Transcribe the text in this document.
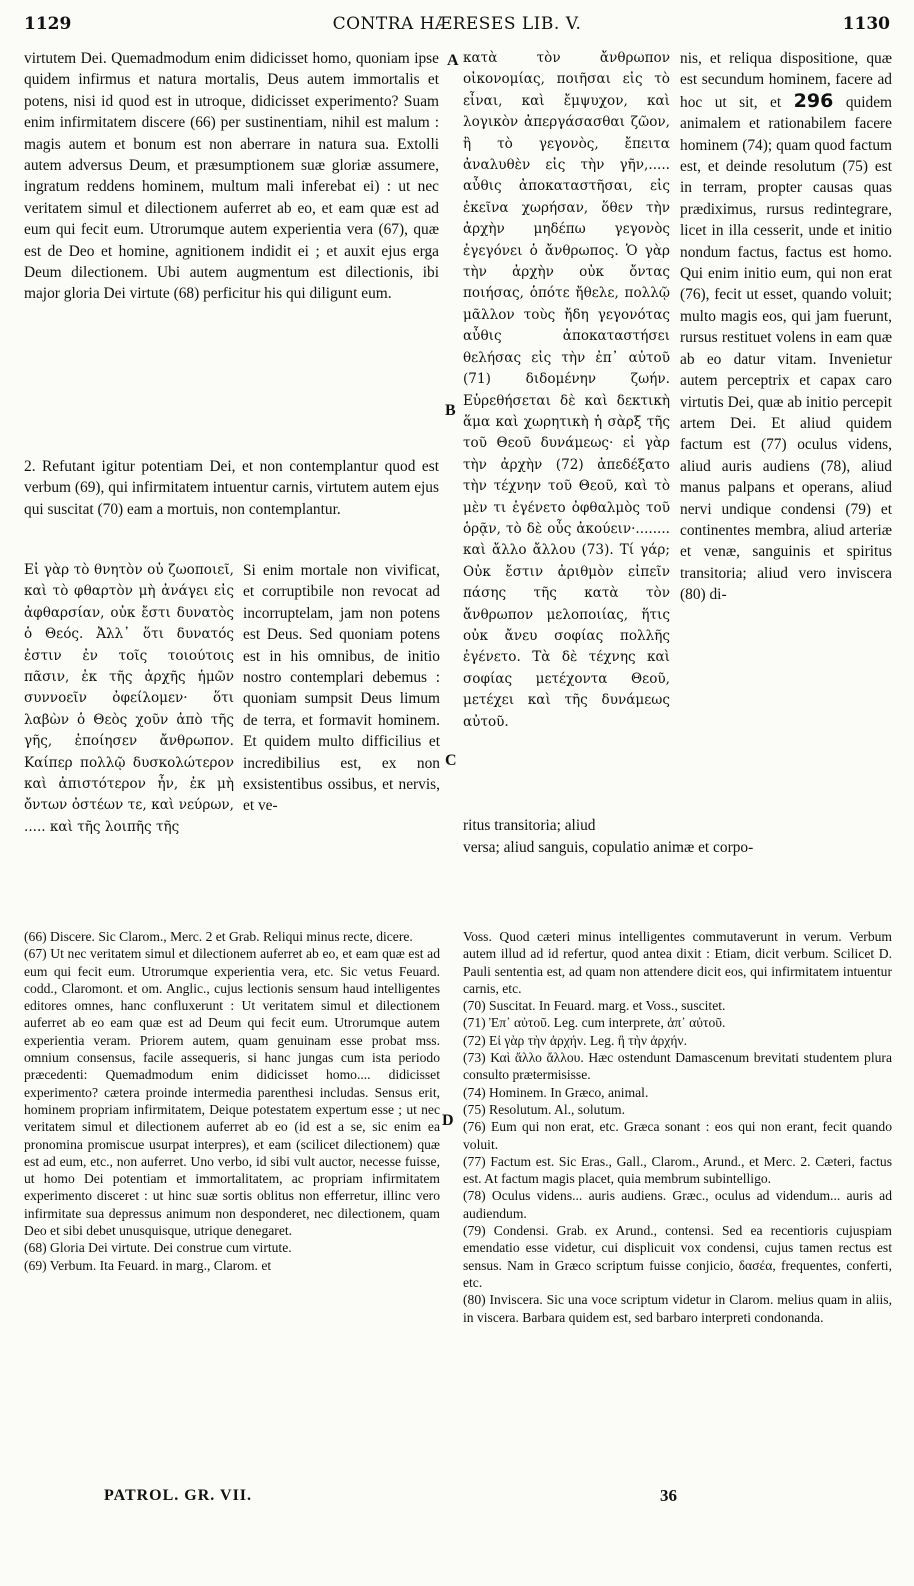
1129	CONTRA HÆRESES LIB. V.	1130

virtutem Dei. Quemadmodum enim didicisset homo, quoniam ipse quidem infirmus et natura mortalis, Deus autem immortalis et potens, nisi id quod est in utroque, didicisset experimento? Suam enim infirmitatem discere (66) per sustinentiam, nihil est malum : magis autem et bonum est non aberrare in natura sua. Extolli autem adversus Deum, et præsumptionem suæ gloriæ assumere, ingratum reddens hominem, multum mali inferebat ei) : ut nec veritatem simul et dilectionem auferret ab eo, et eam quæ est ad eum qui fecit eum. Utrorumque autem experientia vera (67), quæ est de Deo et homine, agnitionem indidit ei ; et auxit ejus erga Deum dilectionem. Ubi autem augmentum est dilectionis, ibi major gloria Dei virtute (68) perficitur his qui diligunt eum.

2. Refutant igitur potentiam Dei, et non contemplantur quod est verbum (69), qui infirmitatem intuentur carnis, virtutem autem ejus qui suscitat (70) eam a mortuis, non contemplantur.

Εἰ γὰρ τὸ θνητὸν οὐ ζωοποιεῖ, καὶ τὸ φθαρτὸν μὴ ἀνάγει εἰς ἀφθαρσίαν, οὐκ ἔστι δυνατὸς ὁ Θεός. Ἀλλ᾽ ὅτι δυνατός ἐστιν ἐν τοῖς τοιούτοις πᾶσιν, ἐκ τῆς ἀρχῆς ἡμῶν συννοεῖν ὀφείλομεν· ὅτι λαβὼν ὁ Θεὸς χοῦν ἀπὸ τῆς γῆς, ἐποίησεν ἄνθρωπον. Καίπερ πολλῷ δυσκολώτερον καὶ ἀπιστότερον ἦν, ἐκ μὴ ὄντων ὀστέων τε, καὶ νεύρων, ..... καὶ τῆς λοιπῆς τῆς

Si enim mortale non vivificat, et corruptibile non revocat ad incorruptelam, jam non potens est Deus. Sed quoniam potens est in his omnibus, de initio nostro contemplari debemus : quoniam sumpsit Deus limum de terra, et formavit hominem. Et quidem multo difficilius et incredibilius est, ex non exsistentibus ossibus, et nervis, et ve-

A
B
C
D

κατὰ τὸν ἄνθρωπον οἰκονομίας, ποιῆσαι εἰς τὸ εἶναι, καὶ ἔμψυχον, καὶ λογικὸν ἀπεργάσασθαι ζῶον, ἢ τὸ γεγονὸς, ἔπειτα ἀναλυθὲν εἰς τὴν γῆν,..... αὖθις ἀποκαταστῆσαι, εἰς ἐκεῖνα χωρήσαν, ὅθεν τὴν ἀρχὴν μηδέπω γεγονὸς ἐγεγόνει ὁ ἄνθρωπος. Ὁ γὰρ τὴν ἀρχὴν οὐκ ὄντας ποιήσας, ὁπότε ἤθελε, πολλῷ μᾶλλον τοὺς ἤδη γεγονότας αὖθις ἀποκαταστήσει θελήσας εἰς τὴν ἐπ᾽ αὐτοῦ (71) διδομένην ζωήν. Εὑρεθήσεται δὲ καὶ δεκτικὴ ἅμα καὶ χωρητικὴ ἡ σὰρξ τῆς τοῦ Θεοῦ δυνάμεως· εἰ γὰρ τὴν ἀρχὴν (72) ἀπεδέξατο τὴν τέχνην τοῦ Θεοῦ, καὶ τὸ μὲν τι ἐγένετο ὀφθαλμὸς τοῦ ὁρᾷν, τὸ δὲ οὖς ἀκούειν·........ καὶ ἄλλο ἄλλου (73). Τί γάρ; Οὐκ ἔστιν ἀριθμὸν εἰπεῖν πάσης τῆς κατὰ τὸν ἄνθρωπον μελοποιίας, ἥτις οὐκ ἄνευ σοφίας πολλῆς ἐγένετο. Τὰ δὲ τέχνης καὶ σοφίας μετέχοντα Θεοῦ, μετέχει καὶ τῆς δυνάμεως αὐτοῦ.

ritus transitoria; aliud

nis, et reliqua dispositione, quæ est secundum hominem, facere ad hoc ut sit, et 296 quidem animalem et rationabilem facere hominem (74); quam quod factum est, et deinde resolutum (75) est in terram, propter causas quas prædiximus, rursus redintegrare, licet in illa cesserit, unde et initio nondum factus, factus est homo. Qui enim initio eum, qui non erat (76), fecit ut esset, quando voluit; multo magis eos, qui jam fuerunt, rursus restituet volens in eam quæ ab eo datur vitam. Invenietur autem perceptrix et capax caro virtutis Dei, quæ ab initio percepit artem Dei. Et aliud quidem factum est (77) oculus videns, aliud auris audiens (78), aliud manus palpans et operans, aliud nervi undique condensi (79) et continentes membra, aliud arteriæ et venæ, sanguinis et spiritus transitoria; aliud vero inviscera (80) di-

versa; aliud sanguis, copulatio animæ et corpo-

(66) Discere. Sic Clarom., Merc. 2 et Grab. Reliqui minus recte, dicere.

(67) Ut nec veritatem simul et dilectionem auferret ab eo, et eam quæ est ad eum qui fecit eum. Utrorumque experientia vera, etc. Sic vetus Feuard. codd., Claromont. et om. Anglic., cujus lectionis sensum haud intelligentes editores omnes, hanc confluxerunt : Ut veritatem simul et dilectionem auferret ab eo eam quæ est ad Deum qui fecit eum. Utrorumque autem experientia veram. Priorem autem, quam genuinam esse probat mss. omnium consensus, facile assequeris, si hanc jungas cum ista periodo præcedenti: Quemadmodum enim didicisset homo.... didicisset experimento? cætera proinde intermedia parenthesi includas. Sensus erit, hominem propriam infirmitatem, Deique potestatem expertum esse ; ut nec veritatem simul et dilectionem auferret ab eo (id est a se, sic enim ea pronomina promiscue usurpat interpres), et eam (scilicet dilectionem) quæ est ad eum, etc., non auferret. Uno verbo, id sibi vult auctor, necesse fuisse, ut homo Dei potentiam et immortalitatem, ac propriam infirmitatem experimento disceret : ut hinc suæ sortis oblitus non efferretur, illinc vero infirmitate sua depressus animum non desponderet, nec dilectionem, quam Deo et sibi debet unusquisque, utrique denegaret.

(68) Gloria Dei virtute. Dei construe cum virtute.

(69) Verbum. Ita Feuard. in marg., Clarom. et

Voss. Quod cæteri minus intelligentes commutaverunt in verum. Verbum autem illud ad id refertur, quod antea dixit : Etiam, dicit verbum. Scilicet D. Pauli sententia est, ad quam non attendere dicit eos, qui infirmitatem intuentur carnis, etc.

(70) Suscitat. In Feuard. marg. et Voss., suscitet.

(71) Ἐπ᾽ αὐτοῦ. Leg. cum interprete, ἀπ᾽ αὐτοῦ.

(72) Εἰ γὰρ τὴν ἀρχήν. Leg. ἢ τὴν ἀρχήν.

(73) Καὶ ἄλλο ἄλλου. Hæc ostendunt Damascenum brevitati studentem plura consulto prætermisisse.

(74) Hominem. In Græco, animal.

(75) Resolutum. Al., solutum.

(76) Eum qui non erat, etc. Græca sonant : eos qui non erant, fecit quando voluit.

(77) Factum est. Sic Eras., Gall., Clarom., Arund., et Merc. 2. Cæteri, factus est. At factum magis placet, quia membrum subintelligo.

(78) Oculus videns... auris audiens. Græc., oculus ad videndum... auris ad audiendum.

(79) Condensi. Grab. ex Arund., contensi. Sed ea recentioris cujuspiam emendatio esse videtur, cui displicuit vox condensi, cujus tamen rectus est sensus. Nam in Græco scriptum fuisse conjicio, δασέα, frequentes, conferti, etc.

(80) Inviscera. Sic una voce scriptum videtur in Clarom. melius quam in aliis, in viscera. Barbara quidem est, sed barbaro interpreti condonanda.

PATROL. GR. VII.	36
